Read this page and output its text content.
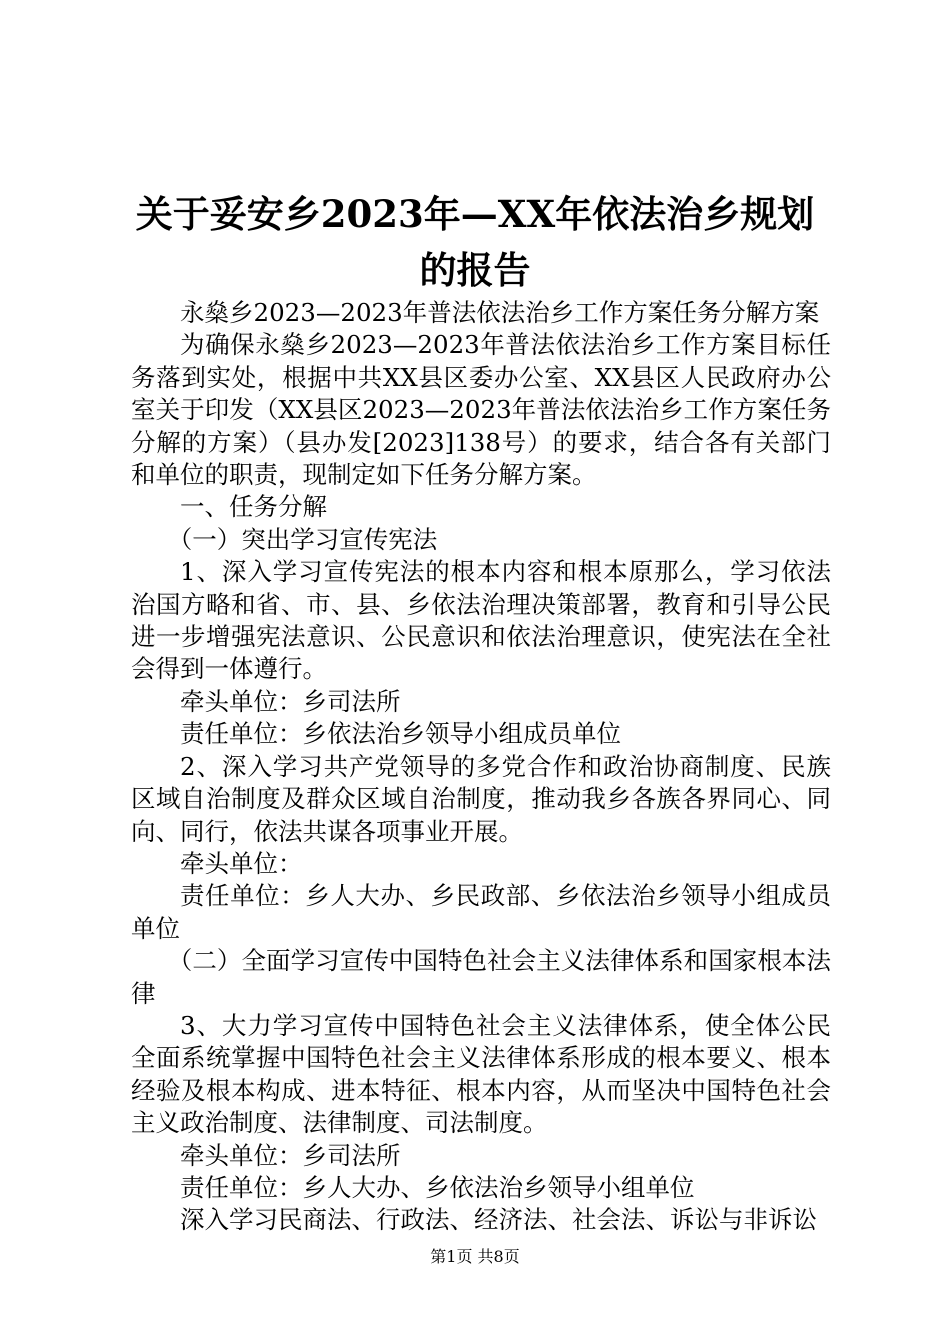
关于妥安乡2023年—XX年依法治乡规划的报告

永燊乡2023—2023年普法依法治乡工作方案任务分解方案

为确保永燊乡2023—2023年普法依法治乡工作方案目标任务落到实处，根据中共XX县区委办公室、XX县区人民政府办公室关于印发（XX县区2023—2023年普法依法治乡工作方案任务分解的方案）（县办发[2023]138号）的要求，结合各有关部门和单位的职责，现制定如下任务分解方案。

一、任务分解

（一）突出学习宣传宪法

1、深入学习宣传宪法的根本内容和根本原那么，学习依法治国方略和省、市、县、乡依法治理决策部署，教育和引导公民进一步增强宪法意识、公民意识和依法治理意识，使宪法在全社会得到一体遵行。

牵头单位：乡司法所

责任单位：乡依法治乡领导小组成员单位

2、深入学习共产党领导的多党合作和政治协商制度、民族区域自治制度及群众区域自治制度，推动我乡各族各界同心、同向、同行，依法共谋各项事业开展。

牵头单位：

责任单位：乡人大办、乡民政部、乡依法治乡领导小组成员单位

（二）全面学习宣传中国特色社会主义法律体系和国家根本法律

3、大力学习宣传中国特色社会主义法律体系，使全体公民全面系统掌握中国特色社会主义法律体系形成的根本要义、根本经验及根本构成、进本特征、根本内容，从而坚决中国特色社会主义政治制度、法律制度、司法制度。

牵头单位：乡司法所

责任单位：乡人大办、乡依法治乡领导小组单位

深入学习民商法、行政法、经济法、社会法、诉讼与非诉讼

第1页 共8页
